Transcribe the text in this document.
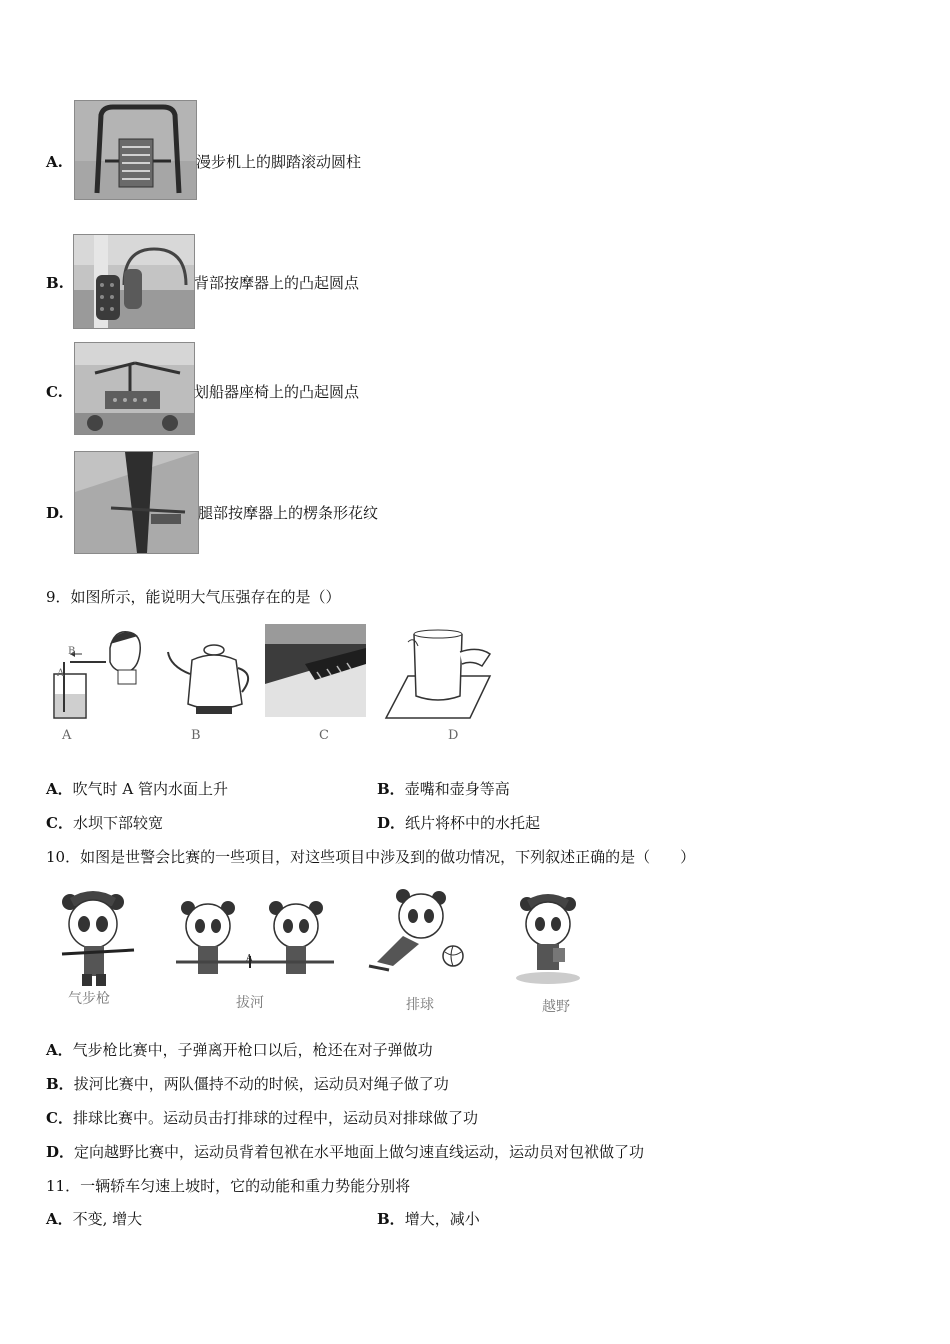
A.	漫步机上的脚踏滚动圆柱
B.	背部按摩器上的凸起圆点
C.	划船器座椅上的凸起圆点
D.	腿部按摩器上的楞条形花纹
9．如图所示，能说明大气压强存在的是（）
A
B
A	B	C	D
A．吹气时 A 管内水面上升	B．壶嘴和壶身等高
C．水坝下部较宽	D．纸片将杯中的水托起
10．如图是世警会比赛的一些项目，对这些项目中涉及到的做功情况，下列叙述正确的是（　　）
A
气步枪	拔河	排球	越野
A．气步枪比赛中，子弹离开枪口以后，枪还在对子弹做功
B．拔河比赛中，两队僵持不动的时候，运动员对绳子做了功
C．排球比赛中。运动员击打排球的过程中，运动员对排球做了功
D．定向越野比赛中，运动员背着包袱在水平地面上做匀速直线运动，运动员对包袱做了功
11．一辆轿车匀速上坡时，它的动能和重力势能分别将
A．不变, 增大	B．增大，减小
